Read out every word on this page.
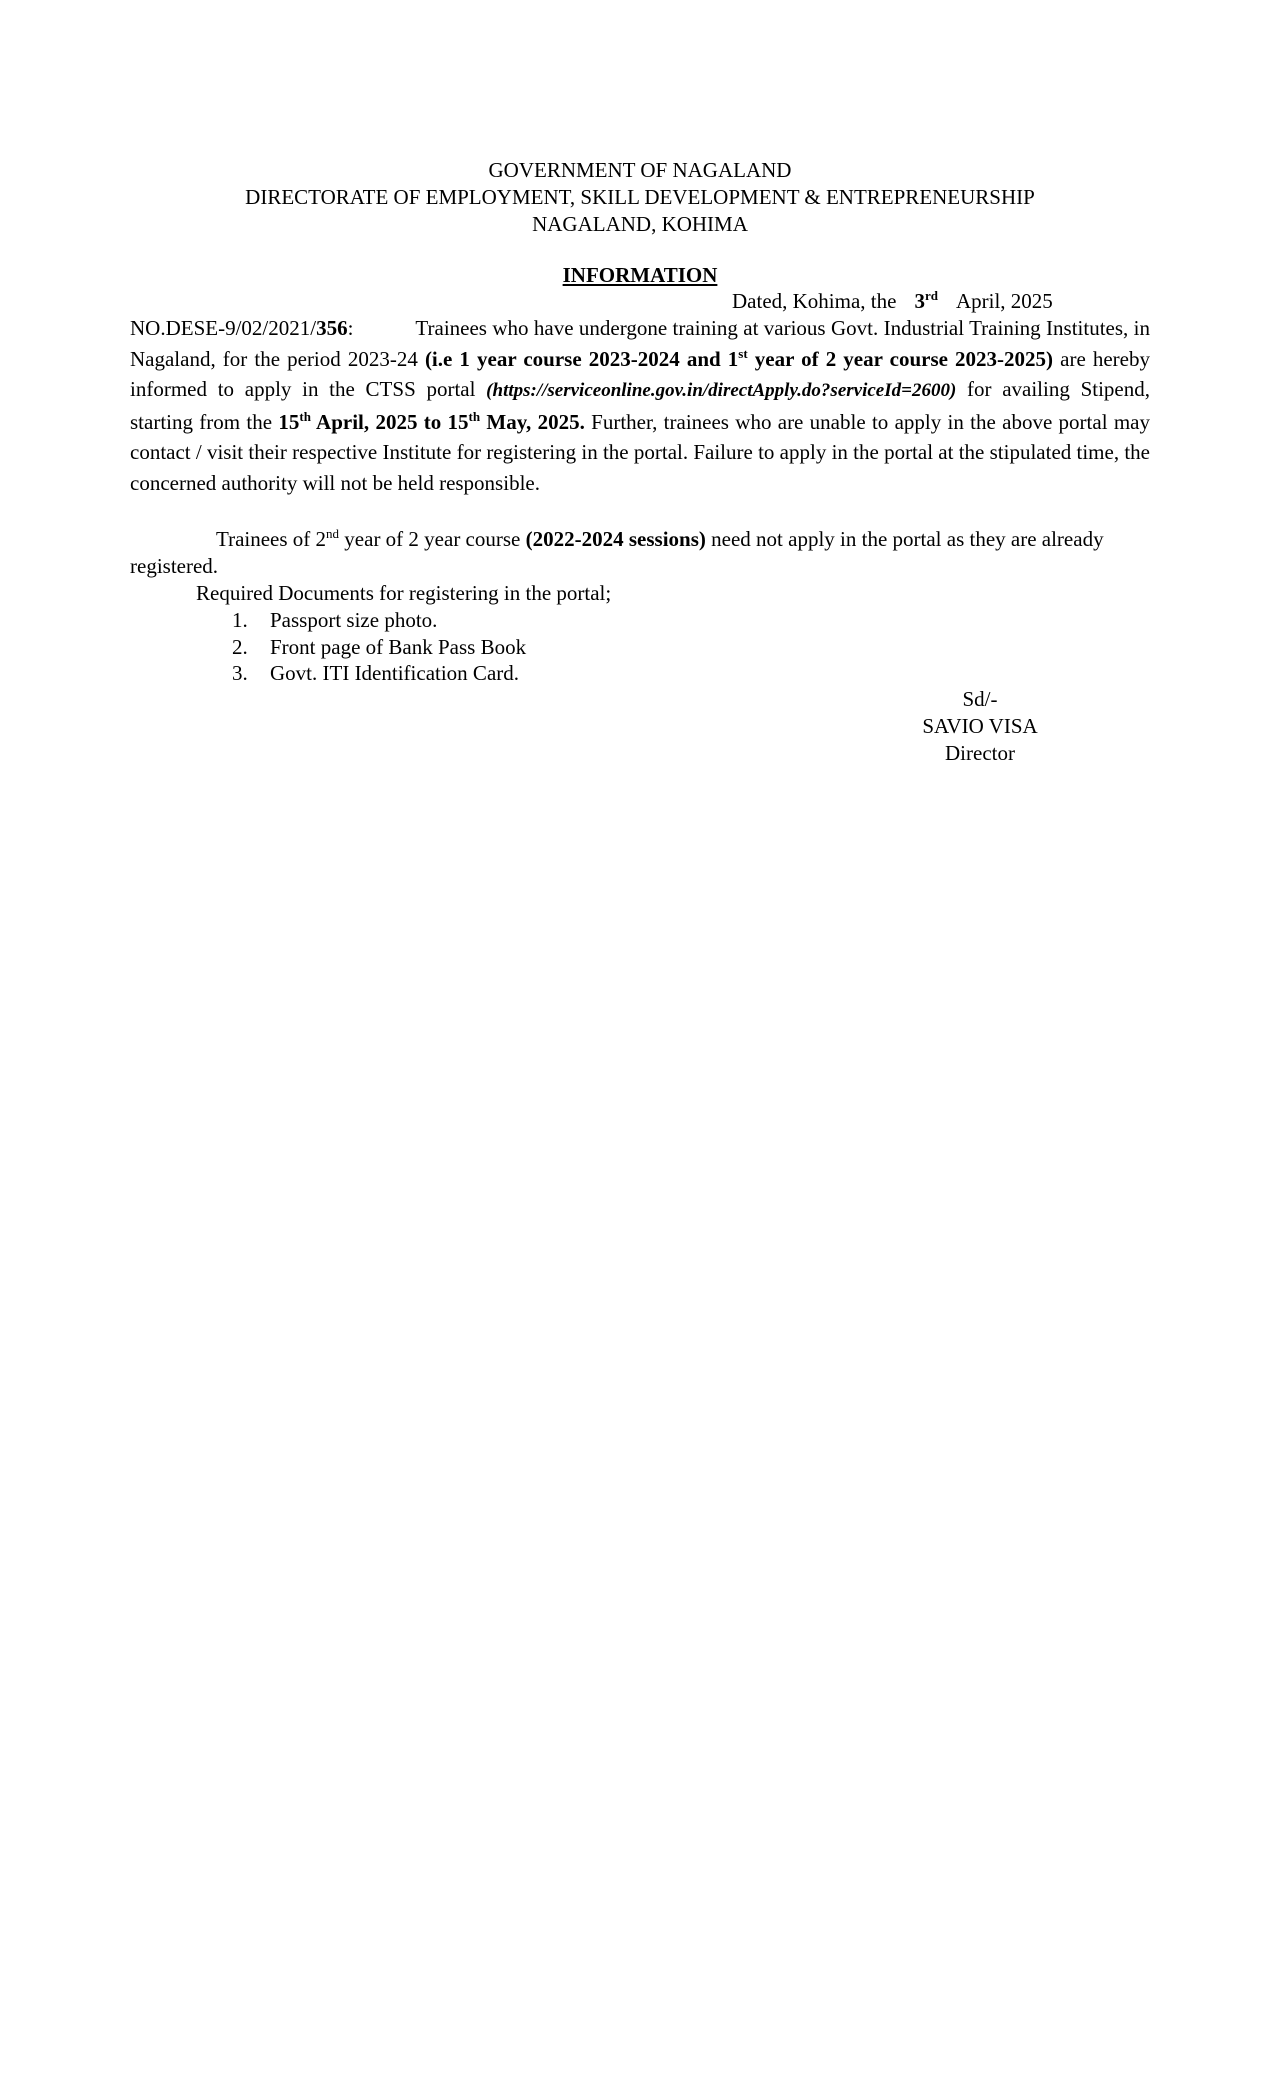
GOVERNMENT OF NAGALAND
DIRECTORATE OF EMPLOYMENT, SKILL DEVELOPMENT & ENTREPRENEURSHIP
NAGALAND, KOHIMA
INFORMATION
Dated, Kohima, the 3rd April, 2025
NO.DESE-9/02/2021/356:	Trainees who have undergone training at various Govt. Industrial Training Institutes, in Nagaland, for the period 2023-24 (i.e 1 year course 2023-2024 and 1st year of 2 year course 2023-2025) are hereby informed to apply in the CTSS portal (https://serviceonline.gov.in/directApply.do?serviceId=2600) for availing Stipend, starting from the 15th April, 2025 to 15th May, 2025. Further, trainees who are unable to apply in the above portal may contact / visit their respective Institute for registering in the portal. Failure to apply in the portal at the stipulated time, the concerned authority will not be held responsible.
Trainees of 2nd year of 2 year course (2022-2024 sessions) need not apply in the portal as they are already registered.
Required Documents for registering in the portal;
1.	Passport size photo.
2.	Front page of Bank Pass Book
3.	Govt. ITI Identification Card.
Sd/-
SAVIO VISA
Director
